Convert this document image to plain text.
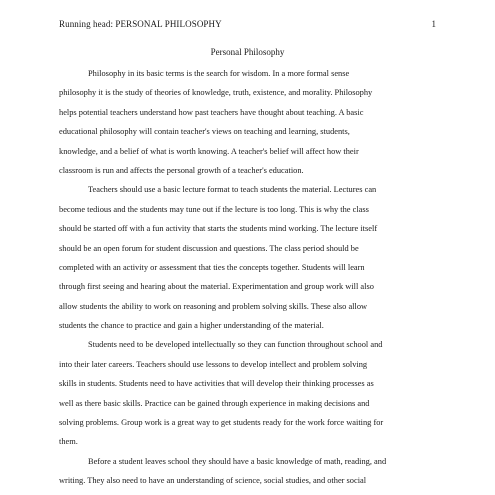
Running head: PERSONAL PHILOSOPHY	1
Personal Philosophy
Philosophy in its basic terms is the search for wisdom. In a more formal sense
philosophy it is the study of theories of knowledge, truth, existence, and morality. Philosophy
helps potential teachers understand how past teachers have thought about teaching. A basic
educational philosophy will contain teacher's views on teaching and learning, students,
knowledge, and a belief of what is worth knowing. A teacher's belief will affect how their
classroom is run and affects the personal growth of a teacher's education.
Teachers should use a basic lecture format to teach students the material. Lectures can
become tedious and the students may tune out if the lecture is too long. This is why the class
should be started off with a fun activity that starts the students mind working. The lecture itself
should be an open forum for student discussion and questions. The class period should be
completed with an activity or assessment that ties the concepts together. Students will learn
through first seeing and hearing about the material. Experimentation and group work will also
allow students the ability to work on reasoning and problem solving skills. These also allow
students the chance to practice and gain a higher understanding of the material.
Students need to be developed intellectually so they can function throughout school and
into their later careers. Teachers should use lessons to develop intellect and problem solving
skills in students. Students need to have activities that will develop their thinking processes as
well as there basic skills. Practice can be gained through experience in making decisions and
solving problems. Group work is a great way to get students ready for the work force waiting for
them.
Before a student leaves school they should have a basic knowledge of math, reading, and
writing. They also need to have an understanding of science, social studies, and other social
